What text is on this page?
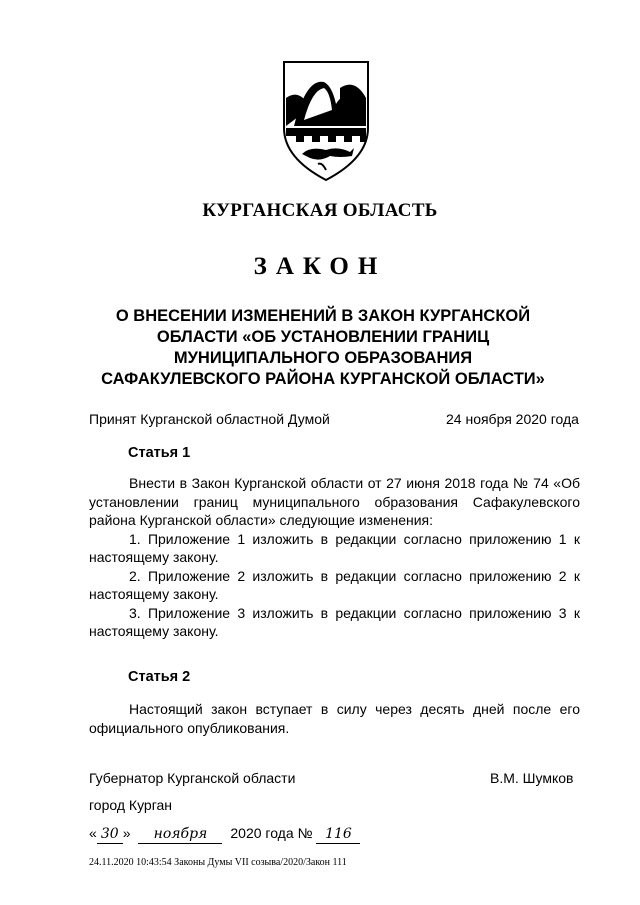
КУРГАНСКАЯ ОБЛАСТЬ
ЗАКОН
О ВНЕСЕНИИ ИЗМЕНЕНИЙ В ЗАКОН КУРГАНСКОЙ
ОБЛАСТИ «ОБ УСТАНОВЛЕНИИ ГРАНИЦ
МУНИЦИПАЛЬНОГО ОБРАЗОВАНИЯ
САФАКУЛЕВСКОГО РАЙОНА КУРГАНСКОЙ ОБЛАСТИ»
Принят Курганской областной Думой	24 ноября 2020 года
Статья 1

Внести в Закон Курганской области от 27 июня 2018 года № 74 «Об установлении границ муниципального образования Сафакулевского района Курганской области» следующие изменения:

1. Приложение 1 изложить в редакции согласно приложению 1 к настоящему закону.

2. Приложение 2 изложить в редакции согласно приложению 2 к настоящему закону.

3. Приложение 3 изложить в редакции согласно приложению 3 к настоящему закону.

Статья 2

Настоящий закон вступает в силу через десять дней после его официального опубликования.

Губернатор Курганской области	В.М. Шумков
город Курган
« 30 » ноября 2020 года № 116
24.11.2020 10:43:54 Законы Думы VII созыва/2020/Закон 111
